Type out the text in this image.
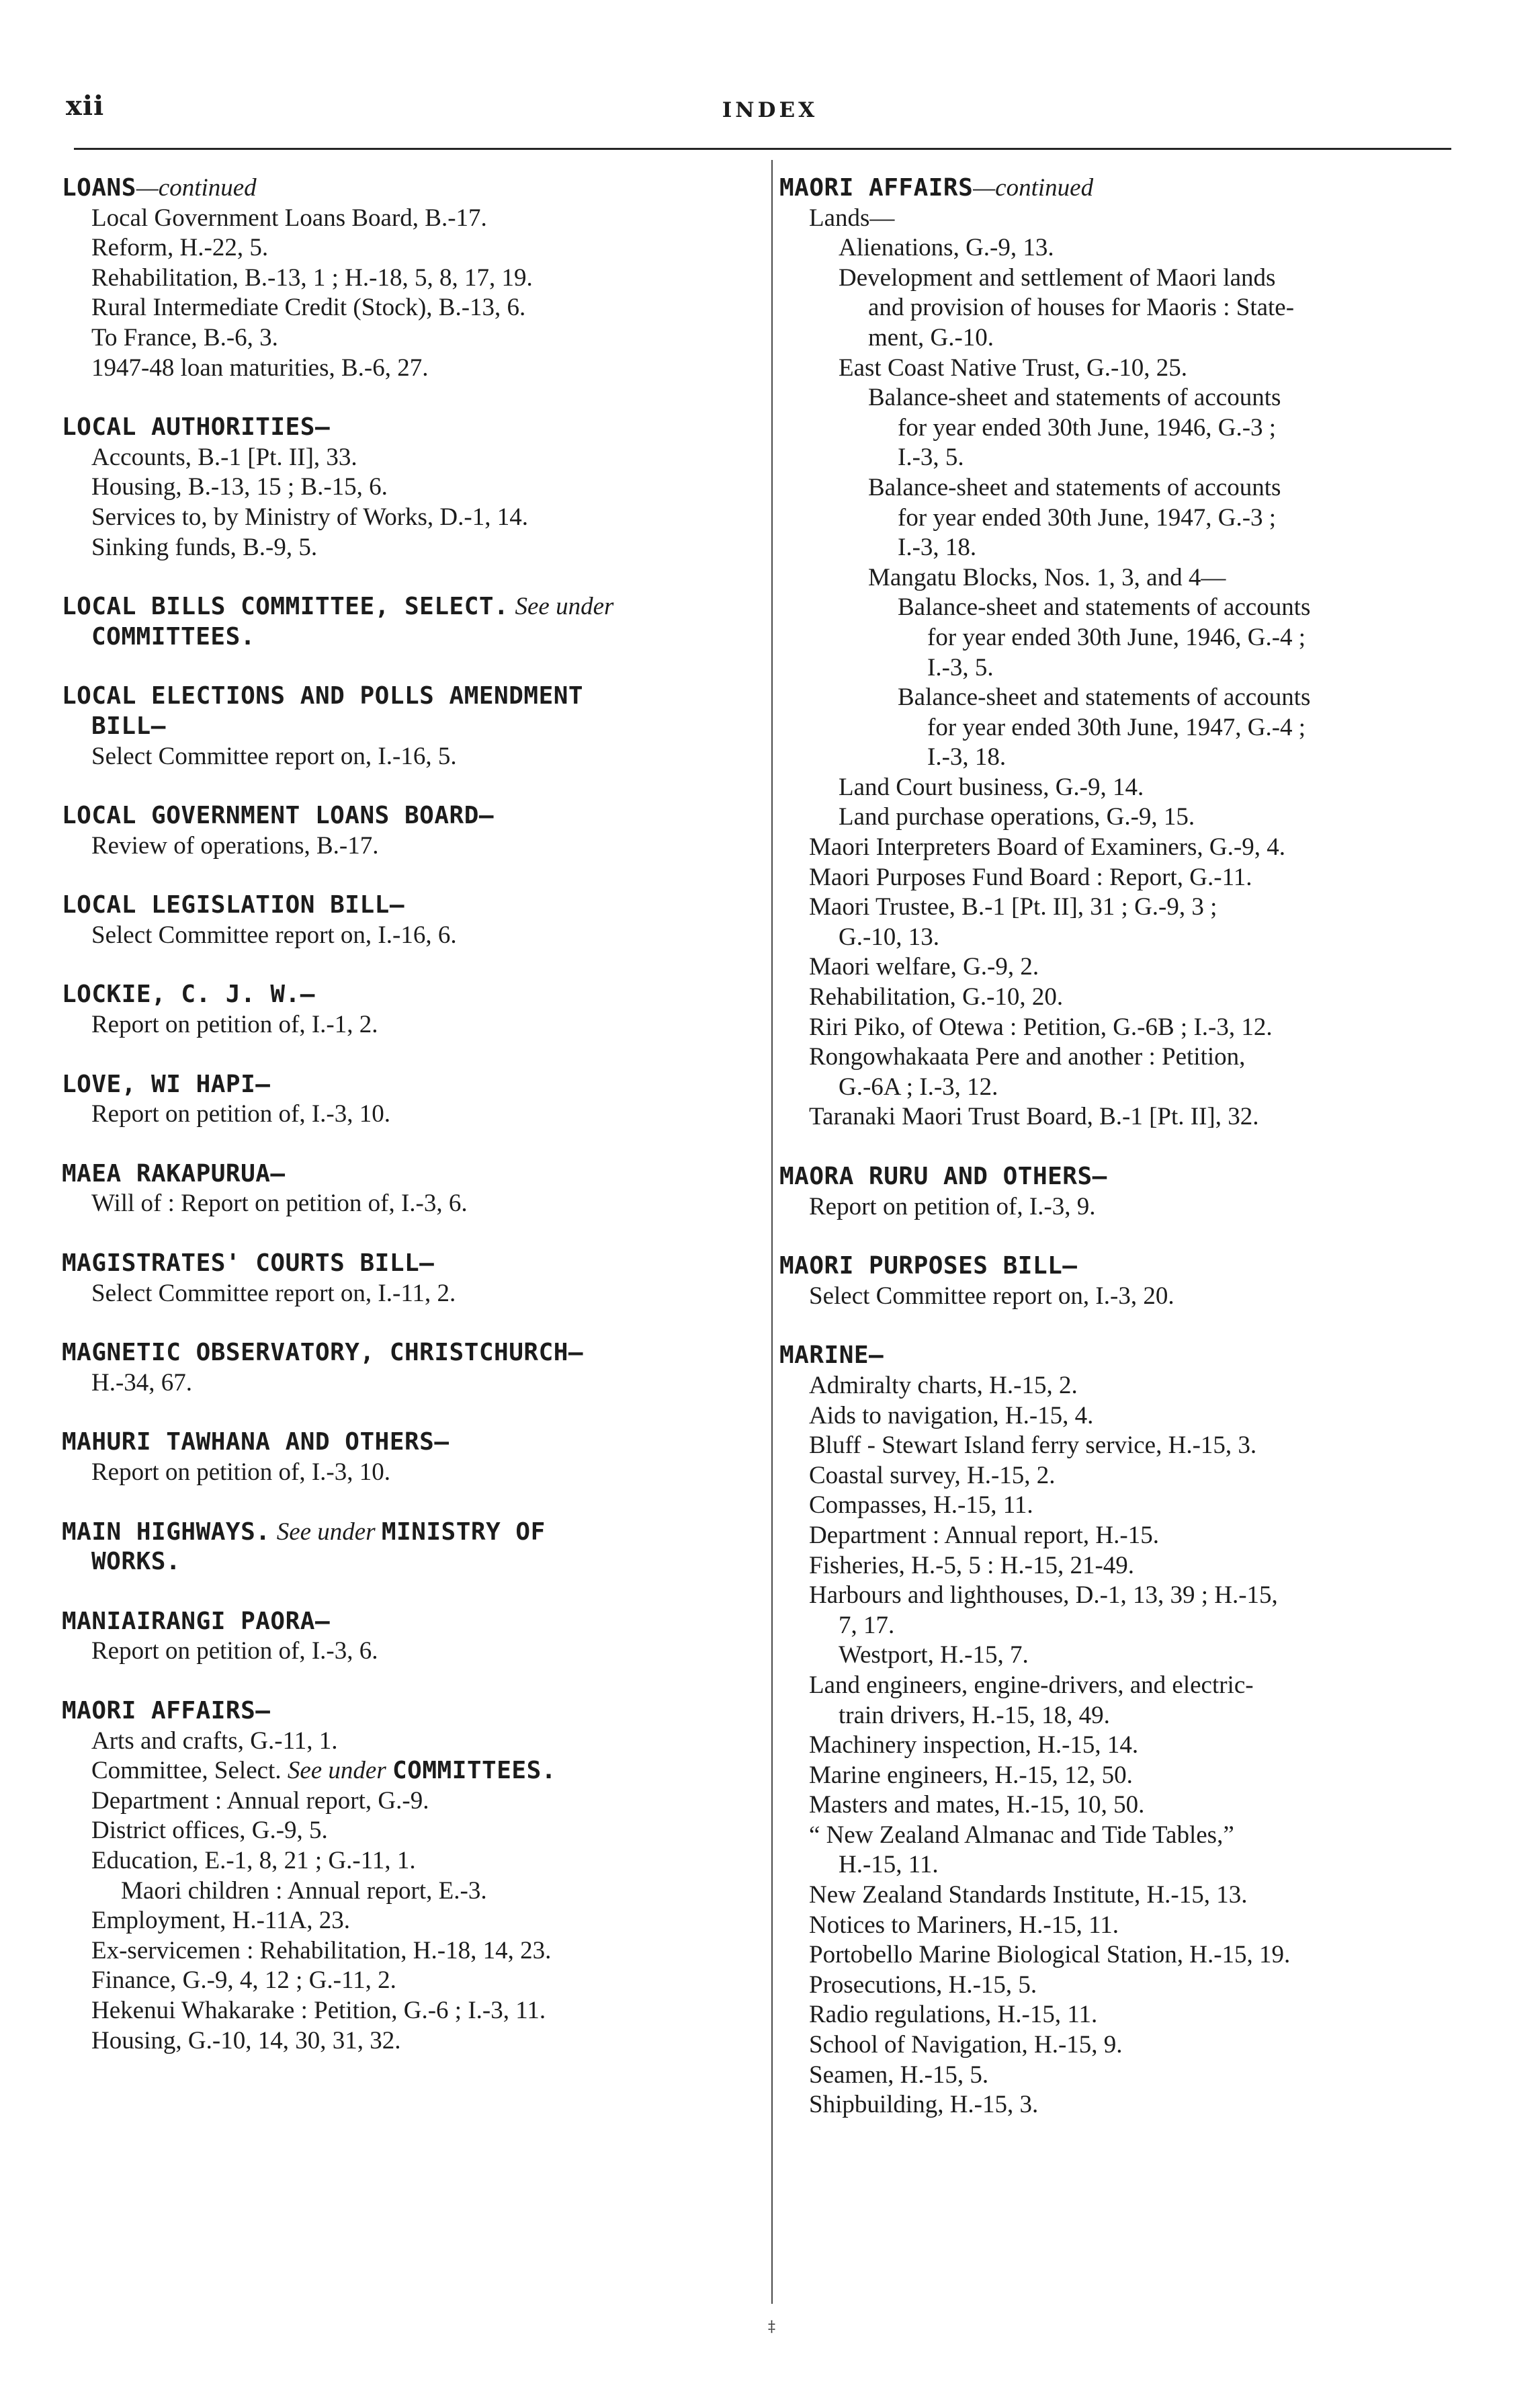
xii	INDEX
LOANS—continued
Local Government Loans Board, B.-17.
Reform, H.-22, 5.
Rehabilitation, B.-13, 1 ; H.-18, 5, 8, 17, 19.
Rural Intermediate Credit (Stock), B.-13, 6.
To France, B.-6, 3.
1947-48 loan maturities, B.-6, 27.
LOCAL AUTHORITIES—
Accounts, B.-1 [Pt. II], 33.
Housing, B.-13, 15 ; B.-15, 6.
Services to, by Ministry of Works, D.-1, 14.
Sinking funds, B.-9, 5.
LOCAL BILLS COMMITTEE, SELECT. See under
COMMITTEES.
LOCAL ELECTIONS AND POLLS AMENDMENT
BILL—
Select Committee report on, I.-16, 5.
LOCAL GOVERNMENT LOANS BOARD—
Review of operations, B.-17.
LOCAL LEGISLATION BILL—
Select Committee report on, I.-16, 6.
LOCKIE, C. J. W.—
Report on petition of, I.-1, 2.
LOVE, WI HAPI—
Report on petition of, I.-3, 10.
MAEA RAKAPURUA—
Will of : Report on petition of, I.-3, 6.
MAGISTRATES' COURTS BILL—
Select Committee report on, I.-11, 2.
MAGNETIC OBSERVATORY, CHRISTCHURCH—
H.-34, 67.
MAHURI TAWHANA AND OTHERS—
Report on petition of, I.-3, 10.
MAIN HIGHWAYS. See under MINISTRY OF
WORKS.
MANIAIRANGI PAORA—
Report on petition of, I.-3, 6.
MAORI AFFAIRS—
Arts and crafts, G.-11, 1.
Committee, Select. See under COMMITTEES.
Department : Annual report, G.-9.
District offices, G.-9, 5.
Education, E.-1, 8, 21 ; G.-11, 1.
Maori children : Annual report, E.-3.
Employment, H.-11A, 23.
Ex-servicemen : Rehabilitation, H.-18, 14, 23.
Finance, G.-9, 4, 12 ; G.-11, 2.
Hekenui Whakarake : Petition, G.-6 ; I.-3, 11.
Housing, G.-10, 14, 30, 31, 32.
MAORI AFFAIRS—continued
Lands—
Alienations, G.-9, 13.
Development and settlement of Maori lands
and provision of houses for Maoris : State-
ment, G.-10.
East Coast Native Trust, G.-10, 25.
Balance-sheet and statements of accounts
for year ended 30th June, 1946, G.-3 ;
I.-3, 5.
Balance-sheet and statements of accounts
for year ended 30th June, 1947, G.-3 ;
I.-3, 18.
Mangatu Blocks, Nos. 1, 3, and 4—
Balance-sheet and statements of accounts
for year ended 30th June, 1946, G.-4 ;
I.-3, 5.
Balance-sheet and statements of accounts
for year ended 30th June, 1947, G.-4 ;
I.-3, 18.
Land Court business, G.-9, 14.
Land purchase operations, G.-9, 15.
Maori Interpreters Board of Examiners, G.-9, 4.
Maori Purposes Fund Board : Report, G.-11.
Maori Trustee, B.-1 [Pt. II], 31 ; G.-9, 3 ;
G.-10, 13.
Maori welfare, G.-9, 2.
Rehabilitation, G.-10, 20.
Riri Piko, of Otewa : Petition, G.-6B ; I.-3, 12.
Rongowhakaata Pere and another : Petition,
G.-6A ; I.-3, 12.
Taranaki Maori Trust Board, B.-1 [Pt. II], 32.
MAORA RURU AND OTHERS—
Report on petition of, I.-3, 9.
MAORI PURPOSES BILL—
Select Committee report on, I.-3, 20.
MARINE—
Admiralty charts, H.-15, 2.
Aids to navigation, H.-15, 4.
Bluff - Stewart Island ferry service, H.-15, 3.
Coastal survey, H.-15, 2.
Compasses, H.-15, 11.
Department : Annual report, H.-15.
Fisheries, H.-5, 5 : H.-15, 21-49.
Harbours and lighthouses, D.-1, 13, 39 ; H.-15,
7, 17.
Westport, H.-15, 7.
Land engineers, engine-drivers, and electric-
train drivers, H.-15, 18, 49.
Machinery inspection, H.-15, 14.
Marine engineers, H.-15, 12, 50.
Masters and mates, H.-15, 10, 50.
“ New Zealand Almanac and Tide Tables,”
H.-15, 11.
New Zealand Standards Institute, H.-15, 13.
Notices to Mariners, H.-15, 11.
Portobello Marine Biological Station, H.-15, 19.
Prosecutions, H.-15, 5.
Radio regulations, H.-15, 11.
School of Navigation, H.-15, 9.
Seamen, H.-15, 5.
Shipbuilding, H.-15, 3.
‡
